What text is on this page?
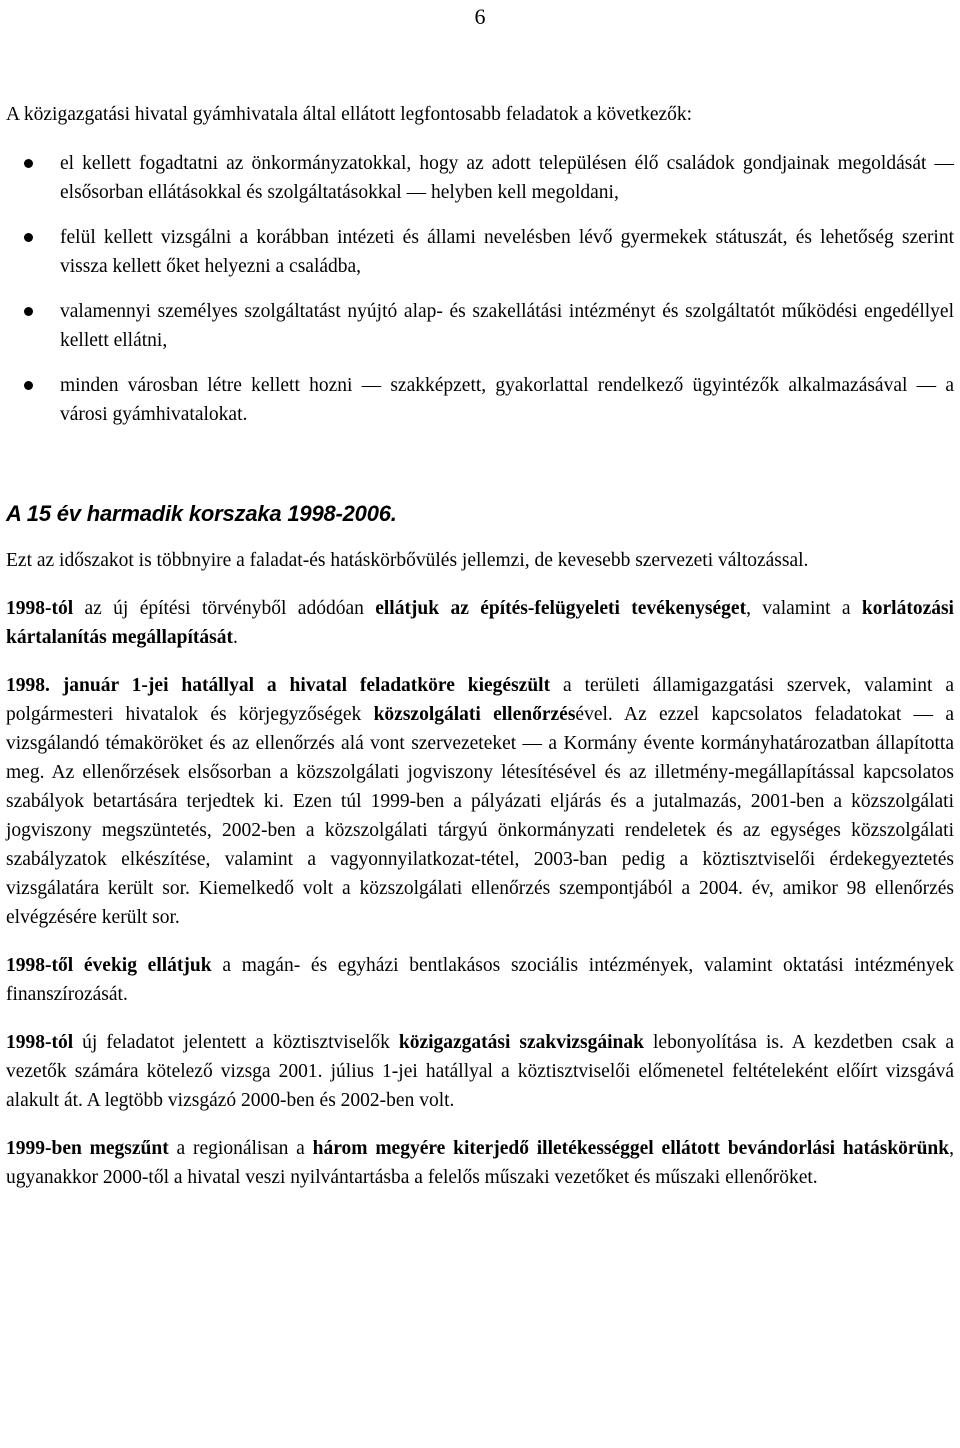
6

A közigazgatási hivatal gyámhivatala által ellátott legfontosabb feladatok a következők:

el kellett fogadtatni az önkormányzatokkal, hogy az adott településen élő családok gondjainak megoldását — elsősorban ellátásokkal és szolgáltatásokkal — helyben kell megoldani,
felül kellett vizsgálni a korábban intézeti és állami nevelésben lévő gyermekek státuszát, és lehetőség szerint vissza kellett őket helyezni a családba,
valamennyi személyes szolgáltatást nyújtó alap- és szakellátási intézményt és szolgáltatót működési engedéllyel kellett ellátni,
minden városban létre kellett hozni — szakképzett, gyakorlattal rendelkező ügyintézők alkalmazásával — a városi gyámhivatalokat.
A 15 év harmadik korszaka 1998-2006.

Ezt az időszakot is többnyire a faladat-és hatáskörbővülés jellemzi, de kevesebb szervezeti változással.

1998-tól az új építési törvényből adódóan ellátjuk az építés-felügyeleti tevékenységet, valamint a korlátozási kártalanítás megállapítását.

1998. január 1-jei hatállyal a hivatal feladatköre kiegészült a területi államigazgatási szervek, valamint a polgármesteri hivatalok és körjegyzőségek közszolgálati ellenőrzésével. Az ezzel kapcsolatos feladatokat — a vizsgálandó témaköröket és az ellenőrzés alá vont szervezeteket — a Kormány évente kormányhatározatban állapította meg. Az ellenőrzések elsősorban a közszolgálati jogviszony létesítésével és az illetmény-megállapítással kapcsolatos szabályok betartására terjedtek ki. Ezen túl 1999-ben a pályázati eljárás és a jutalmazás, 2001-ben a közszolgálati jogviszony megszüntetés, 2002-ben a közszolgálati tárgyú önkormányzati rendeletek és az egységes közszolgálati szabályzatok elkészítése, valamint a vagyonnyilatkozat-tétel, 2003-ban pedig a köztisztviselői érdekegyeztetés vizsgálatára került sor. Kiemelkedő volt a közszolgálati ellenőrzés szempontjából a 2004. év, amikor 98 ellenőrzés elvégzésére került sor.

1998-től évekig ellátjuk a magán- és egyházi bentlakásos szociális intézmények, valamint oktatási intézmények finanszírozását.

1998-tól új feladatot jelentett a köztisztviselők közigazgatási szakvizsgáinak lebonyolítása is. A kezdetben csak a vezetők számára kötelező vizsga 2001. július 1-jei hatállyal a köztisztviselői előmenetel feltételeként előírt vizsgává alakult át. A legtöbb vizsgázó 2000-ben és 2002-ben volt.

1999-ben megszűnt a regionálisan a három megyére kiterjedő illetékességgel ellátott bevándorlási hatáskörünk, ugyanakkor 2000-től a hivatal veszi nyilvántartásba a felelős műszaki vezetőket és műszaki ellenőröket.
